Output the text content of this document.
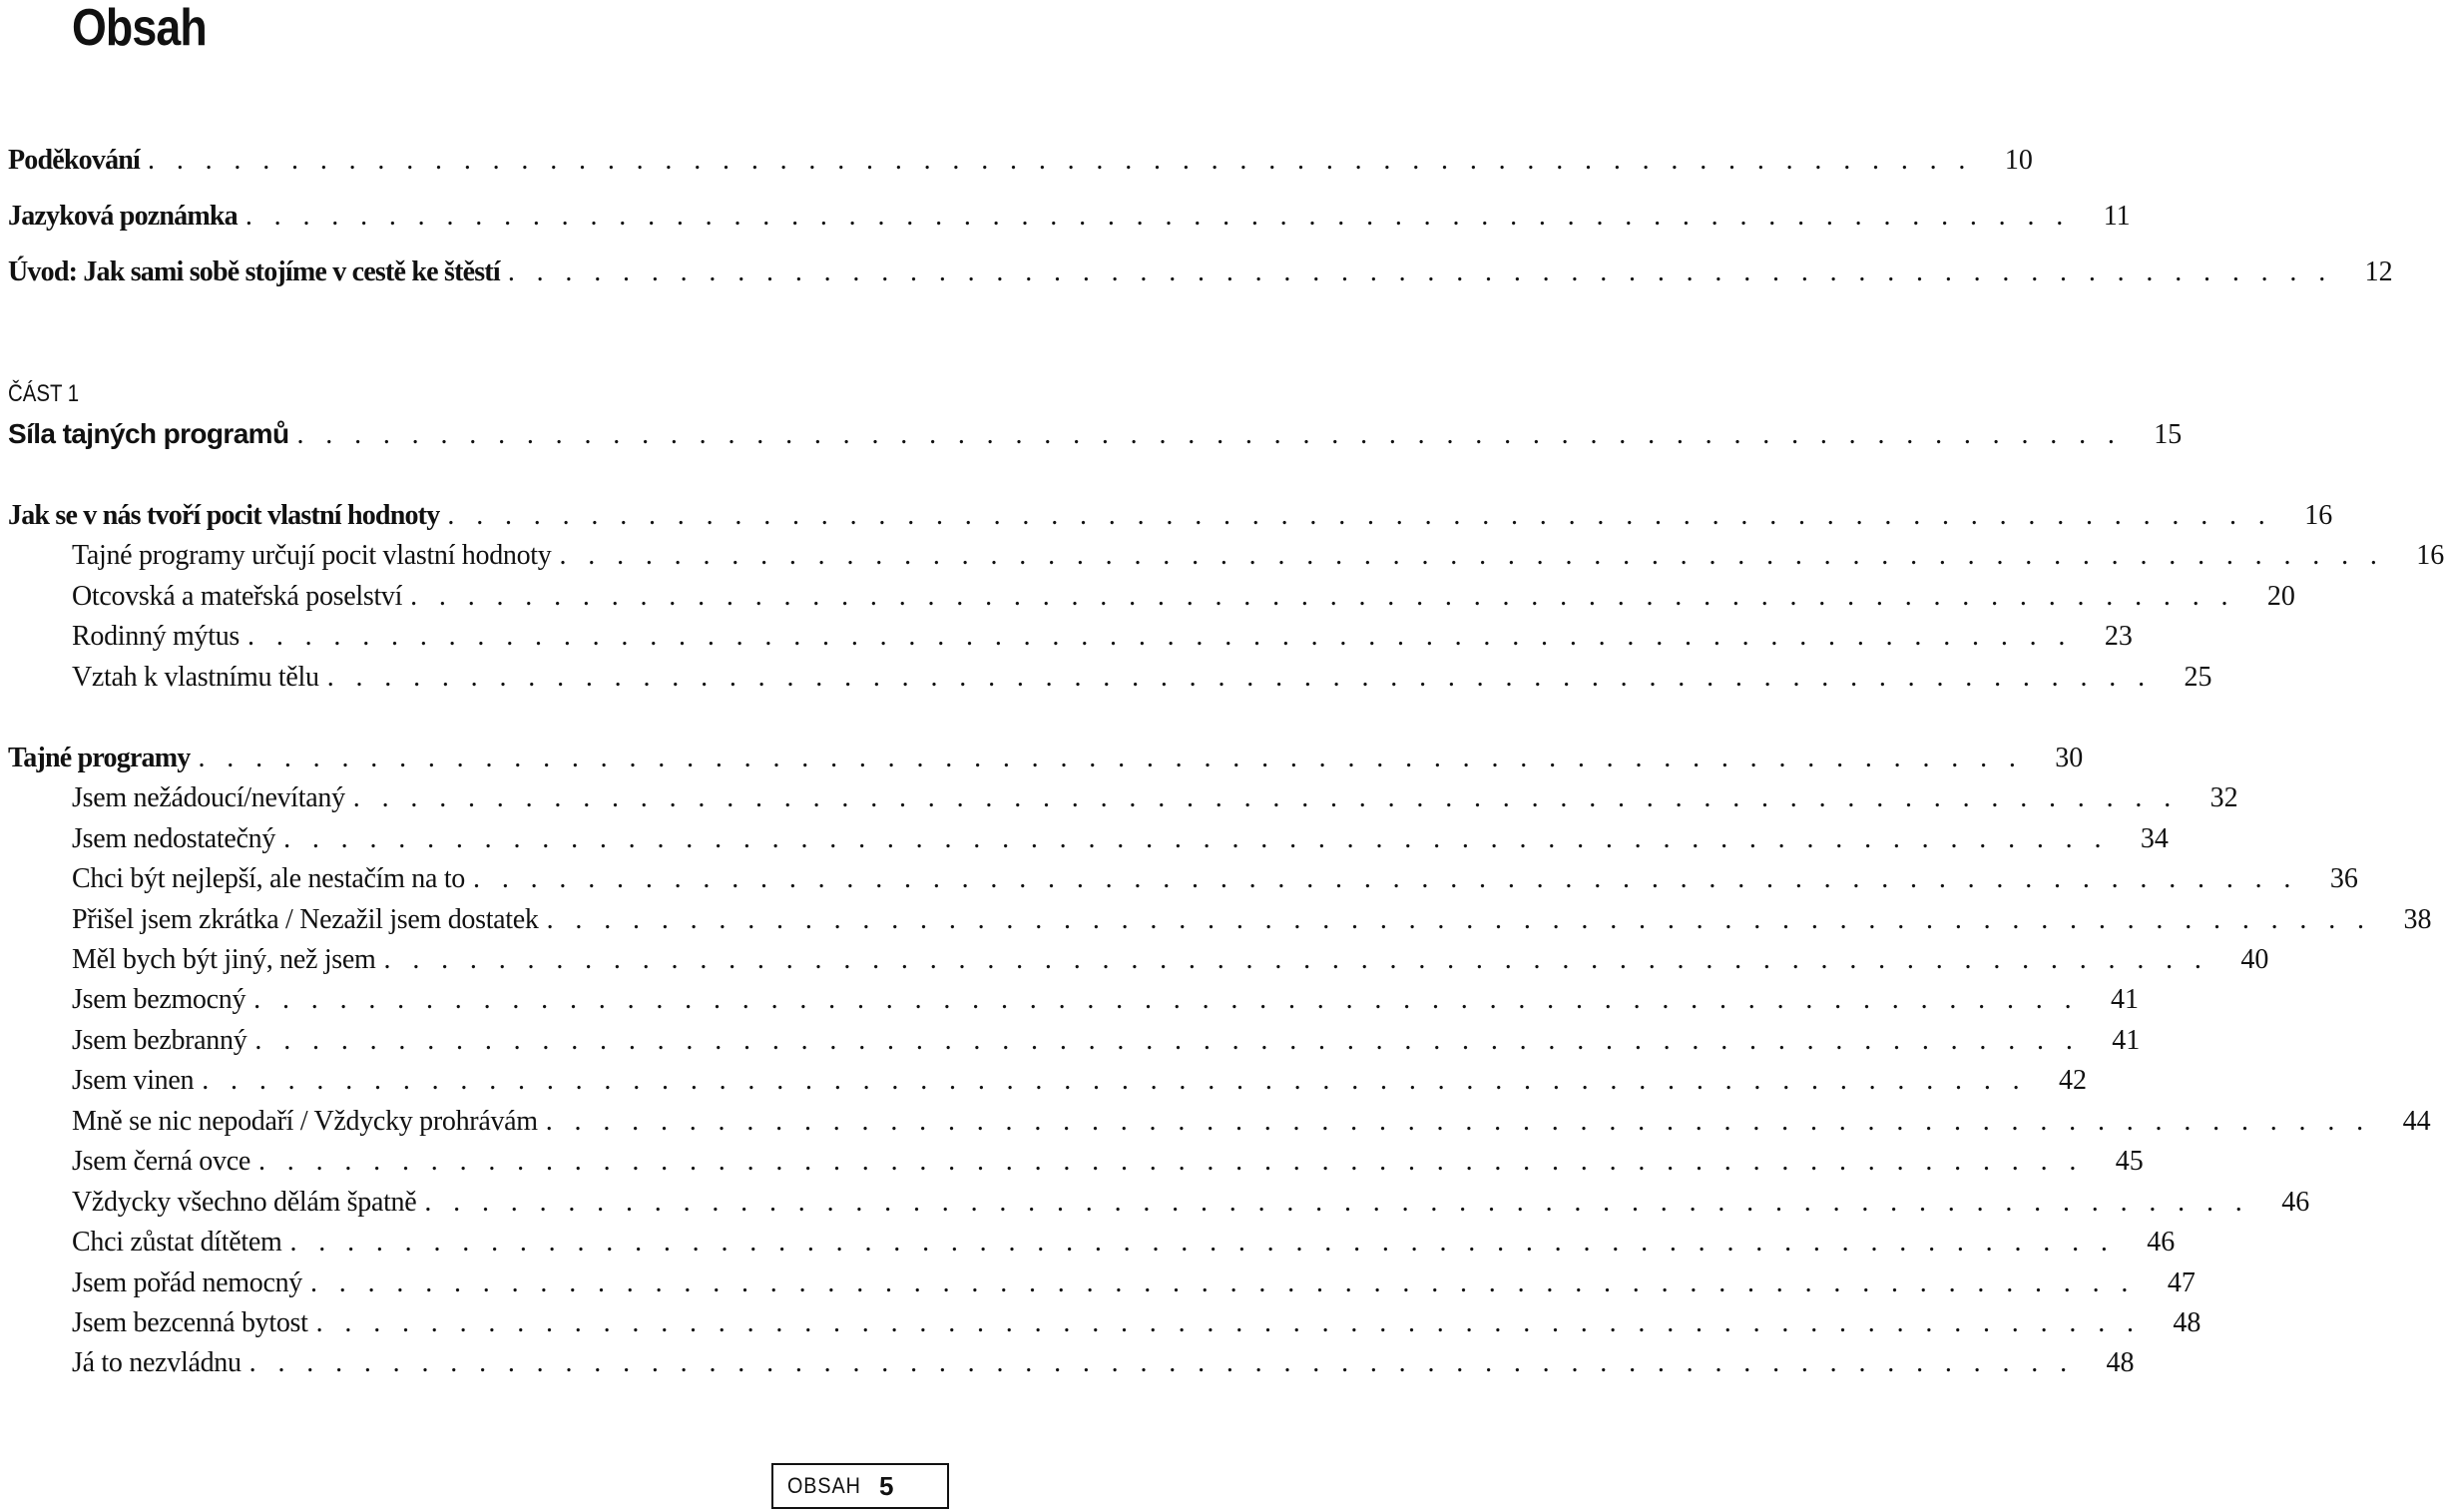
Obsah
Poděkování . . . . . . . . . . . . . . . . . . . . . . . . . . . . . . . . . . . . . . . . . . . . . . . . . . . . . . . . . . . . . . . .	10
Jazyková poznámka . . . . . . . . . . . . . . . . . . . . . . . . . . . . . . . . . . . . . . . . . . . . . . . . . . . . . . . . . . . . . . . .	11
Úvod: Jak sami sobě stojíme v cestě ke štěstí . . . . . . . . . . . . . . . . . . . . . . . . . . . . . . . . . . . . . . . . . . . . . . . . . . . . . . . . . . . . . . . .	12
ČÁST 1
Síla tajných programů . . . . . . . . . . . . . . . . . . . . . . . . . . . . . . . . . . . . . . . . . . . . . . . . . . . . . . . . . . . . . . . .	15
Jak se v nás tvoří pocit vlastní hodnoty . . . . . . . . . . . . . . . . . . . . . . . . . . . . . . . . . . . . . . . . . . . . . . . . . . . . . . . . . . . . . . . .	16
Tajné programy určují pocit vlastní hodnoty . . . . . . . . . . . . . . . . . . . . . . . . . . . . . . . . . . . . . . . . . . . . . . . . . . . . . . . . . . . . . . . .	16
Otcovská a mateřská poselství . . . . . . . . . . . . . . . . . . . . . . . . . . . . . . . . . . . . . . . . . . . . . . . . . . . . . . . . . . . . . . . .	20
Rodinný mýtus . . . . . . . . . . . . . . . . . . . . . . . . . . . . . . . . . . . . . . . . . . . . . . . . . . . . . . . . . . . . . . . .	23
Vztah k vlastnímu tělu . . . . . . . . . . . . . . . . . . . . . . . . . . . . . . . . . . . . . . . . . . . . . . . . . . . . . . . . . . . . . . . .	25
Tajné programy . . . . . . . . . . . . . . . . . . . . . . . . . . . . . . . . . . . . . . . . . . . . . . . . . . . . . . . . . . . . . . . .	30
Jsem nežádoucí/nevítaný . . . . . . . . . . . . . . . . . . . . . . . . . . . . . . . . . . . . . . . . . . . . . . . . . . . . . . . . . . . . . . . .	32
Jsem nedostatečný . . . . . . . . . . . . . . . . . . . . . . . . . . . . . . . . . . . . . . . . . . . . . . . . . . . . . . . . . . . . . . . .	34
Chci být nejlepší, ale nestačím na to . . . . . . . . . . . . . . . . . . . . . . . . . . . . . . . . . . . . . . . . . . . . . . . . . . . . . . . . . . . . . . . .	36
Přišel jsem zkrátka / Nezažil jsem dostatek . . . . . . . . . . . . . . . . . . . . . . . . . . . . . . . . . . . . . . . . . . . . . . . . . . . . . . . . . . . . . . . .	38
Měl bych být jiný, než jsem . . . . . . . . . . . . . . . . . . . . . . . . . . . . . . . . . . . . . . . . . . . . . . . . . . . . . . . . . . . . . . . .	40
Jsem bezmocný . . . . . . . . . . . . . . . . . . . . . . . . . . . . . . . . . . . . . . . . . . . . . . . . . . . . . . . . . . . . . . . .	41
Jsem bezbranný . . . . . . . . . . . . . . . . . . . . . . . . . . . . . . . . . . . . . . . . . . . . . . . . . . . . . . . . . . . . . . . .	41
Jsem vinen . . . . . . . . . . . . . . . . . . . . . . . . . . . . . . . . . . . . . . . . . . . . . . . . . . . . . . . . . . . . . . . .	42
Mně se nic nepodaří / Vždycky prohrávám . . . . . . . . . . . . . . . . . . . . . . . . . . . . . . . . . . . . . . . . . . . . . . . . . . . . . . . . . . . . . . . .	44
Jsem černá ovce . . . . . . . . . . . . . . . . . . . . . . . . . . . . . . . . . . . . . . . . . . . . . . . . . . . . . . . . . . . . . . . .	45
Vždycky všechno dělám špatně . . . . . . . . . . . . . . . . . . . . . . . . . . . . . . . . . . . . . . . . . . . . . . . . . . . . . . . . . . . . . . . .	46
Chci zůstat dítětem . . . . . . . . . . . . . . . . . . . . . . . . . . . . . . . . . . . . . . . . . . . . . . . . . . . . . . . . . . . . . . . .	46
Jsem pořád nemocný . . . . . . . . . . . . . . . . . . . . . . . . . . . . . . . . . . . . . . . . . . . . . . . . . . . . . . . . . . . . . . . .	47
Jsem bezcenná bytost . . . . . . . . . . . . . . . . . . . . . . . . . . . . . . . . . . . . . . . . . . . . . . . . . . . . . . . . . . . . . . . .	48
Já to nezvládnu . . . . . . . . . . . . . . . . . . . . . . . . . . . . . . . . . . . . . . . . . . . . . . . . . . . . . . . . . . . . . . . .	48
OBSAH 5
